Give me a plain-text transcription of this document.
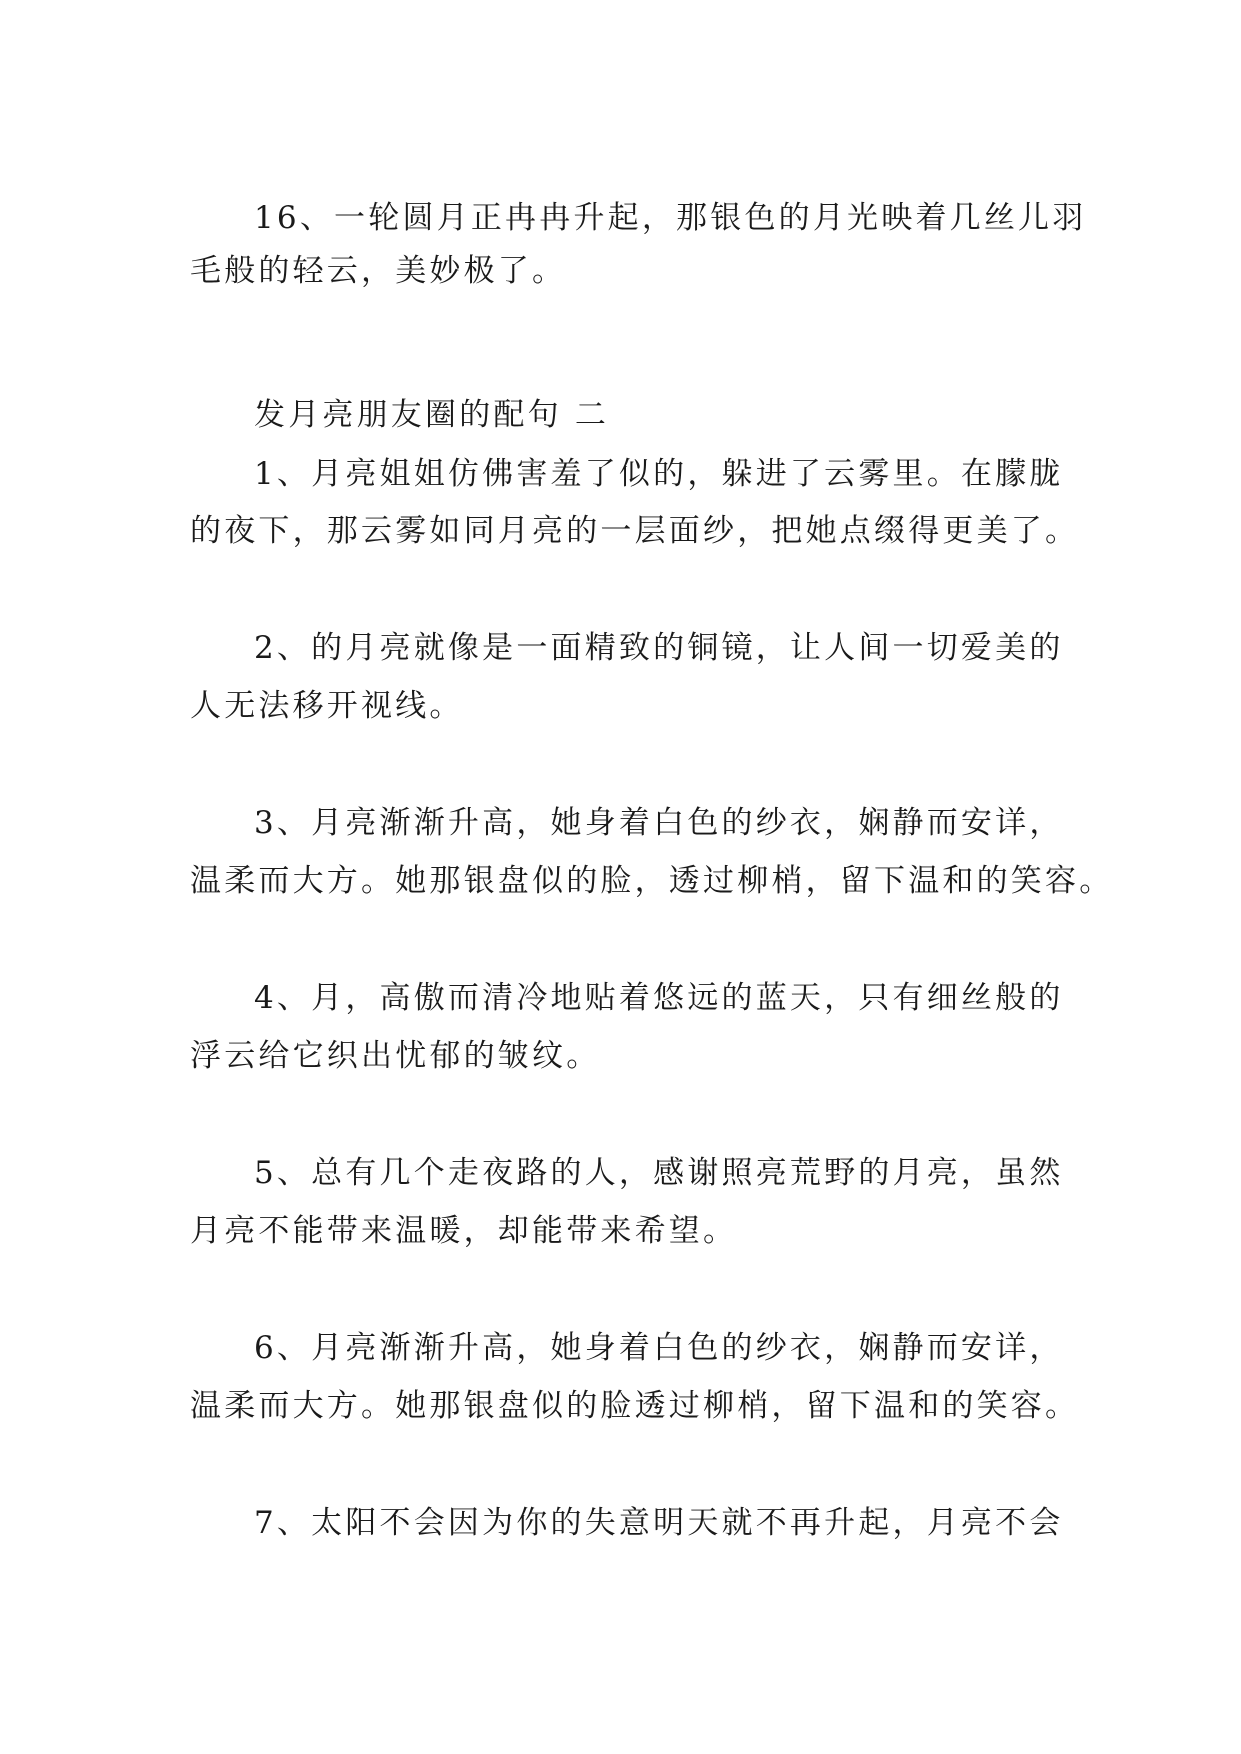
16、一轮圆月正冉冉升起，那银色的月光映着几丝儿羽
毛般的轻云，美妙极了。
发月亮朋友圈的配句 二
1、月亮姐姐仿佛害羞了似的，躲进了云雾里。在朦胧
的夜下，那云雾如同月亮的一层面纱，把她点缀得更美了。
2、的月亮就像是一面精致的铜镜，让人间一切爱美的
人无法移开视线。
3、月亮渐渐升高，她身着白色的纱衣，娴静而安详，
温柔而大方。她那银盘似的脸，透过柳梢，留下温和的笑容。
4、月，高傲而清冷地贴着悠远的蓝天，只有细丝般的
浮云给它织出忧郁的皱纹。
5、总有几个走夜路的人，感谢照亮荒野的月亮，虽然
月亮不能带来温暖，却能带来希望。
6、月亮渐渐升高，她身着白色的纱衣，娴静而安详，
温柔而大方。她那银盘似的脸透过柳梢，留下温和的笑容。
7、太阳不会因为你的失意明天就不再升起，月亮不会
